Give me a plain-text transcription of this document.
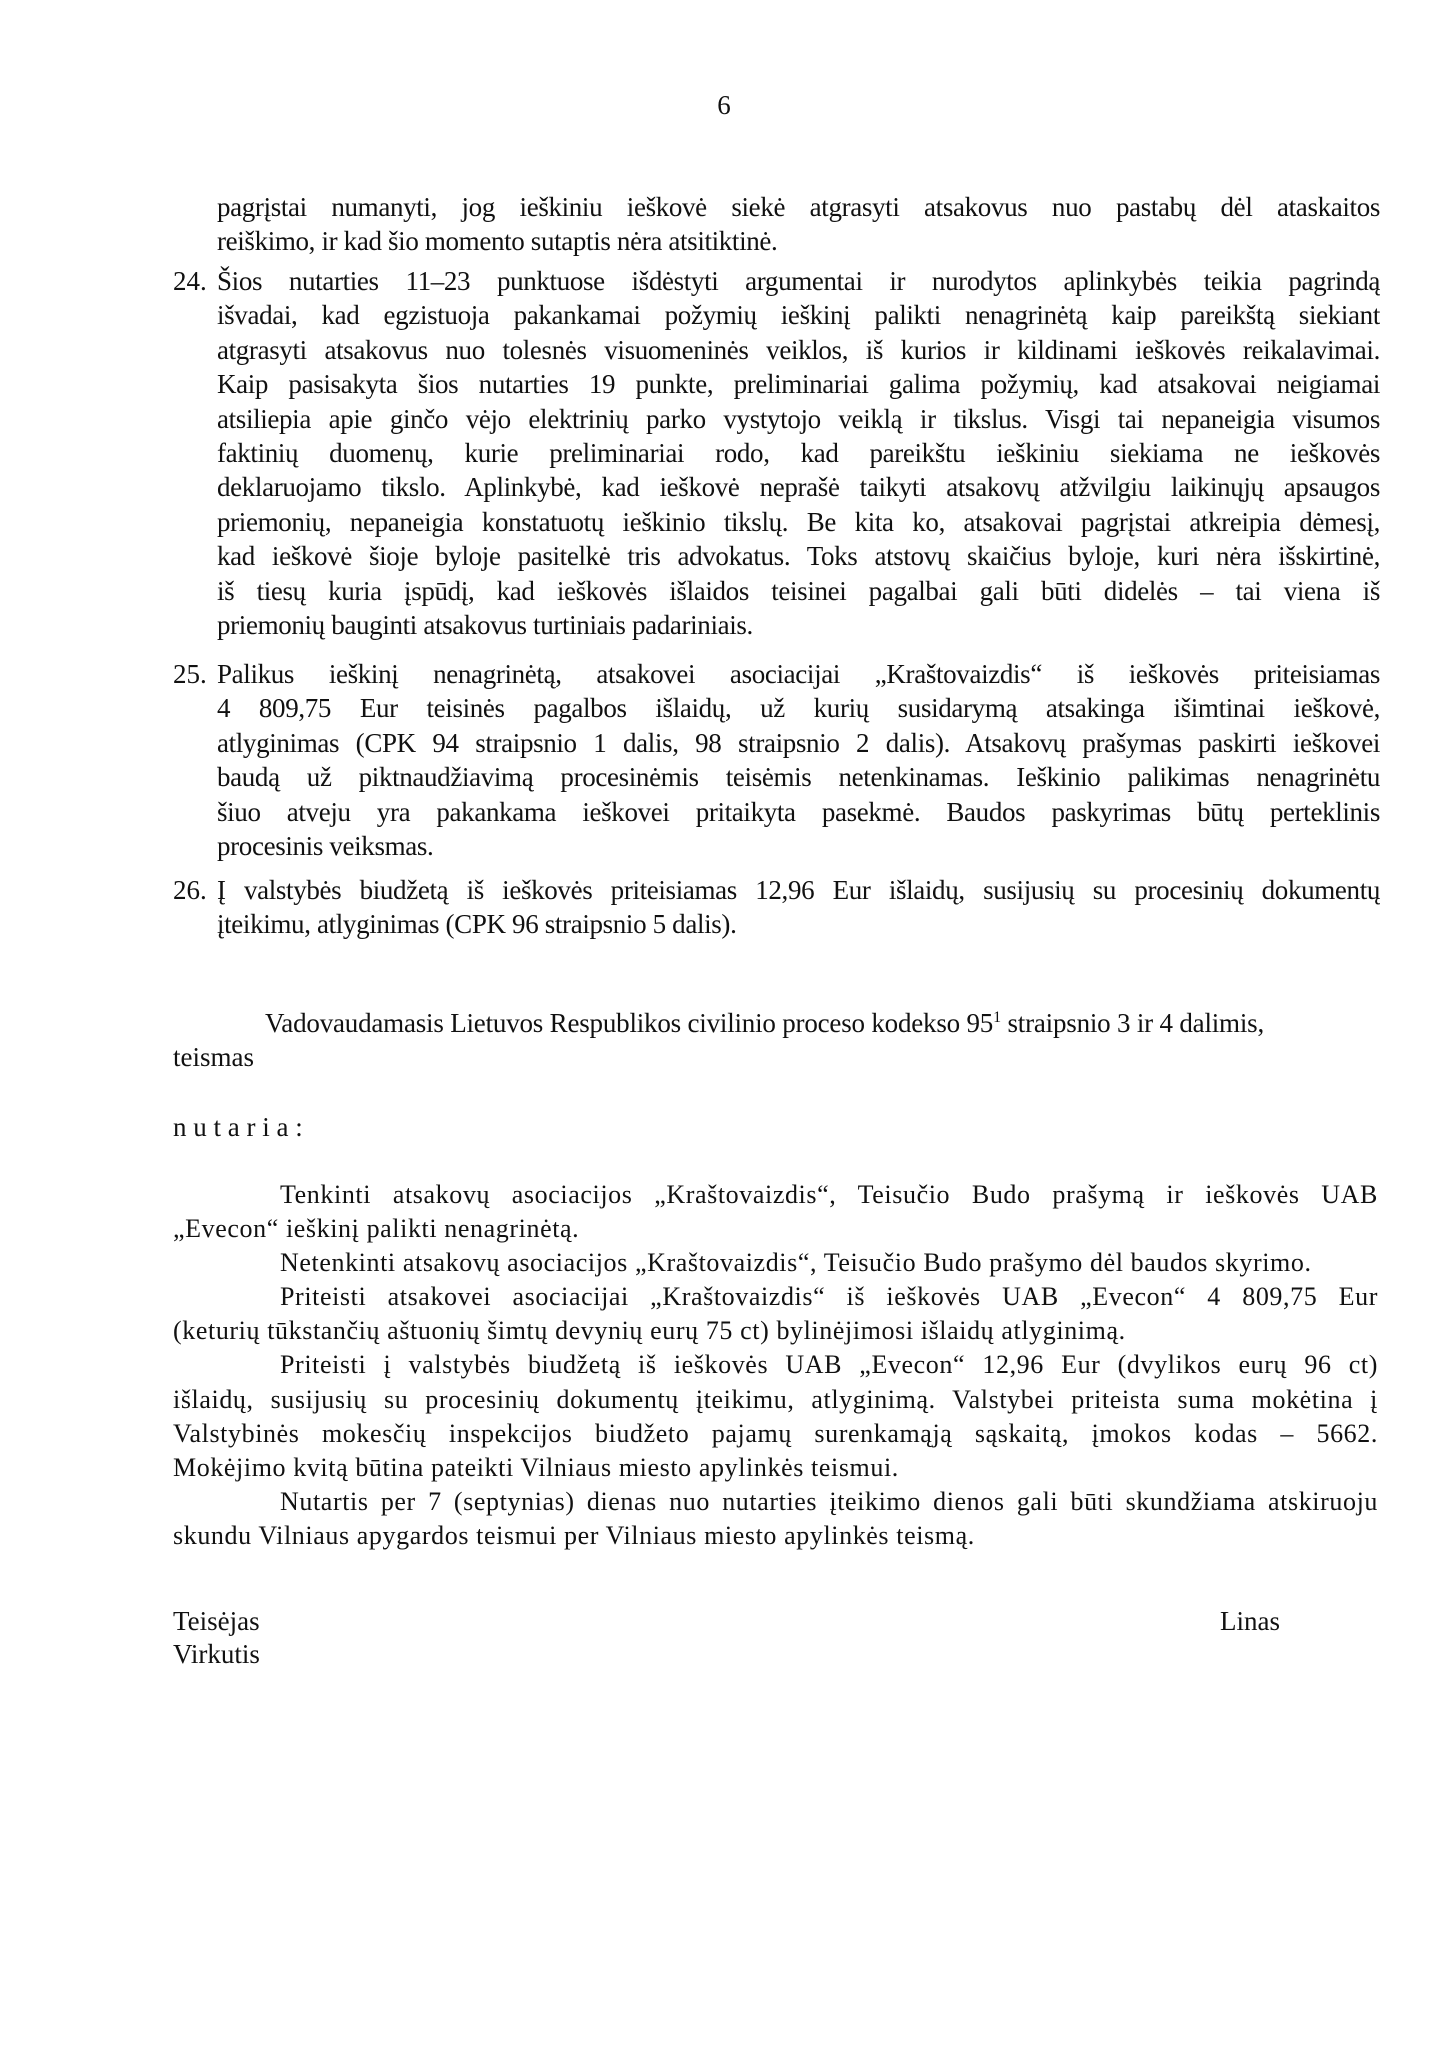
6
pagrįstai numanyti, jog ieškiniu ieškovė siekė atgrasyti atsakovus nuo pastabų dėl ataskaitos
reiškimo, ir kad šio momento sutaptis nėra atsitiktinė.
24. Šios nutarties 11–23 punktuose išdėstyti argumentai ir nurodytos aplinkybės teikia pagrindą
išvadai, kad egzistuoja pakankamai požymių ieškinį palikti nenagrinėtą kaip pareikštą siekiant
atgrasyti atsakovus nuo tolesnės visuomeninės veiklos, iš kurios ir kildinami ieškovės reikalavimai.
Kaip pasisakyta šios nutarties 19 punkte, preliminariai galima požymių, kad atsakovai neigiamai
atsiliepia apie ginčo vėjo elektrinių parko vystytojo veiklą ir tikslus. Visgi tai nepaneigia visumos
faktinių duomenų, kurie preliminariai rodo, kad pareikštu ieškiniu siekiama ne ieškovės
deklaruojamo tikslo. Aplinkybė, kad ieškovė neprašė taikyti atsakovų atžvilgiu laikinųjų apsaugos
priemonių, nepaneigia konstatuotų ieškinio tikslų. Be kita ko, atsakovai pagrįstai atkreipia dėmesį,
kad ieškovė šioje byloje pasitelkė tris advokatus. Toks atstovų skaičius byloje, kuri nėra išskirtinė,
iš tiesų kuria įspūdį, kad ieškovės išlaidos teisinei pagalbai gali būti didelės – tai viena iš
priemonių bauginti atsakovus turtiniais padariniais.
25. Palikus ieškinį nenagrinėtą, atsakovei asociacijai „Kraštovaizdis“ iš ieškovės priteisiamas
4 809,75 Eur teisinės pagalbos išlaidų, už kurių susidarymą atsakinga išimtinai ieškovė,
atlyginimas (CPK 94 straipsnio 1 dalis, 98 straipsnio 2 dalis). Atsakovų prašymas paskirti ieškovei
baudą už piktnaudžiavimą procesinėmis teisėmis netenkinamas. Ieškinio palikimas nenagrinėtu
šiuo atveju yra pakankama ieškovei pritaikyta pasekmė. Baudos paskyrimas būtų perteklinis
procesinis veiksmas.
26. Į valstybės biudžetą iš ieškovės priteisiamas 12,96 Eur išlaidų, susijusių su procesinių dokumentų
įteikimu, atlyginimas (CPK 96 straipsnio 5 dalis).
Vadovaudamasis Lietuvos Respublikos civilinio proceso kodekso $95^1$ straipsnio 3 ir 4 dalimis,
teismas
n u t a r i a :
Tenkinti atsakovų asociacijos „Kraštovaizdis“, Teisučio Budo prašymą ir ieškovės UAB
„Evecon“ ieškinį palikti nenagrinėtą.
Netenkinti atsakovų asociacijos „Kraštovaizdis“, Teisučio Budo prašymo dėl baudos skyrimo.
Priteisti atsakovei asociacijai „Kraštovaizdis“ iš ieškovės UAB „Evecon“ 4 809,75 Eur
(keturių tūkstančių aštuonių šimtų devynių eurų 75 ct) bylinėjimosi išlaidų atlyginimą.
Priteisti į valstybės biudžetą iš ieškovės UAB „Evecon“ 12,96 Eur (dvylikos eurų 96 ct)
išlaidų, susijusių su procesinių dokumentų įteikimu, atlyginimą. Valstybei priteista suma mokėtina į
Valstybinės mokesčių inspekcijos biudžeto pajamų surenkamąją sąskaitą, įmokos kodas – 5662.
Mokėjimo kvitą būtina pateikti Vilniaus miesto apylinkės teismui.
Nutartis per 7 (septynias) dienas nuo nutarties įteikimo dienos gali būti skundžiama atskiruoju
skundu Vilniaus apygardos teismui per Vilniaus miesto apylinkės teismą.
Teisėjas
Virkutis
Linas
